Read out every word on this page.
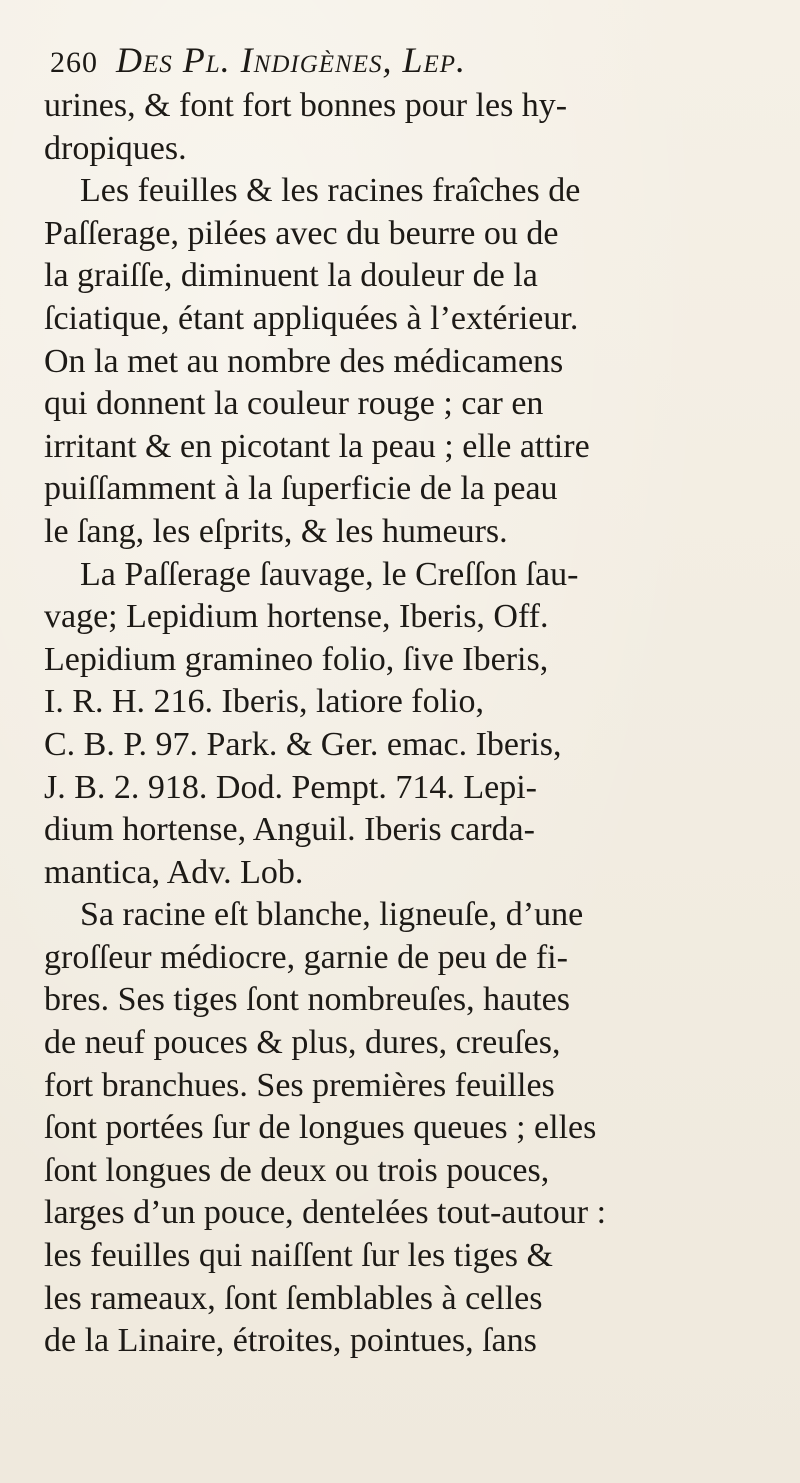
260 Des Pl. Indigènes, Lep.
urines, & font fort bonnes pour les hy-
dropiques.
Les feuilles & les racines fraîches de
Paſſerage, pilées avec du beurre ou de
la graiſſe, diminuent la douleur de la
ſciatique, étant appliquées à l’extérieur.
On la met au nombre des médicamens
qui donnent la couleur rouge ; car en
irritant & en picotant la peau ; elle attire
puiſſamment à la ſuperficie de la peau
le ſang, les eſprits, & les humeurs.
La Paſſerage ſauvage, le Creſſon ſau-
vage; Lepidium hortense, Iberis, Off.
Lepidium gramineo folio, ſive Iberis,
I. R. H. 216. Iberis, latiore folio,
C. B. P. 97. Park. & Ger. emac. Iberis,
J. B. 2. 918. Dod. Pempt. 714. Lepi-
dium hortense, Anguil. Iberis carda-
mantica, Adv. Lob.
Sa racine eſt blanche, ligneuſe, d’une
groſſeur médiocre, garnie de peu de fi-
bres. Ses tiges ſont nombreuſes, hautes
de neuf pouces & plus, dures, creuſes,
fort branchues. Ses premières feuilles
ſont portées ſur de longues queues ; elles
ſont longues de deux ou trois pouces,
larges d’un pouce, dentelées tout-autour :
les feuilles qui naiſſent ſur les tiges &
les rameaux, ſont ſemblables à celles
de la Linaire, étroites, pointues, ſans
